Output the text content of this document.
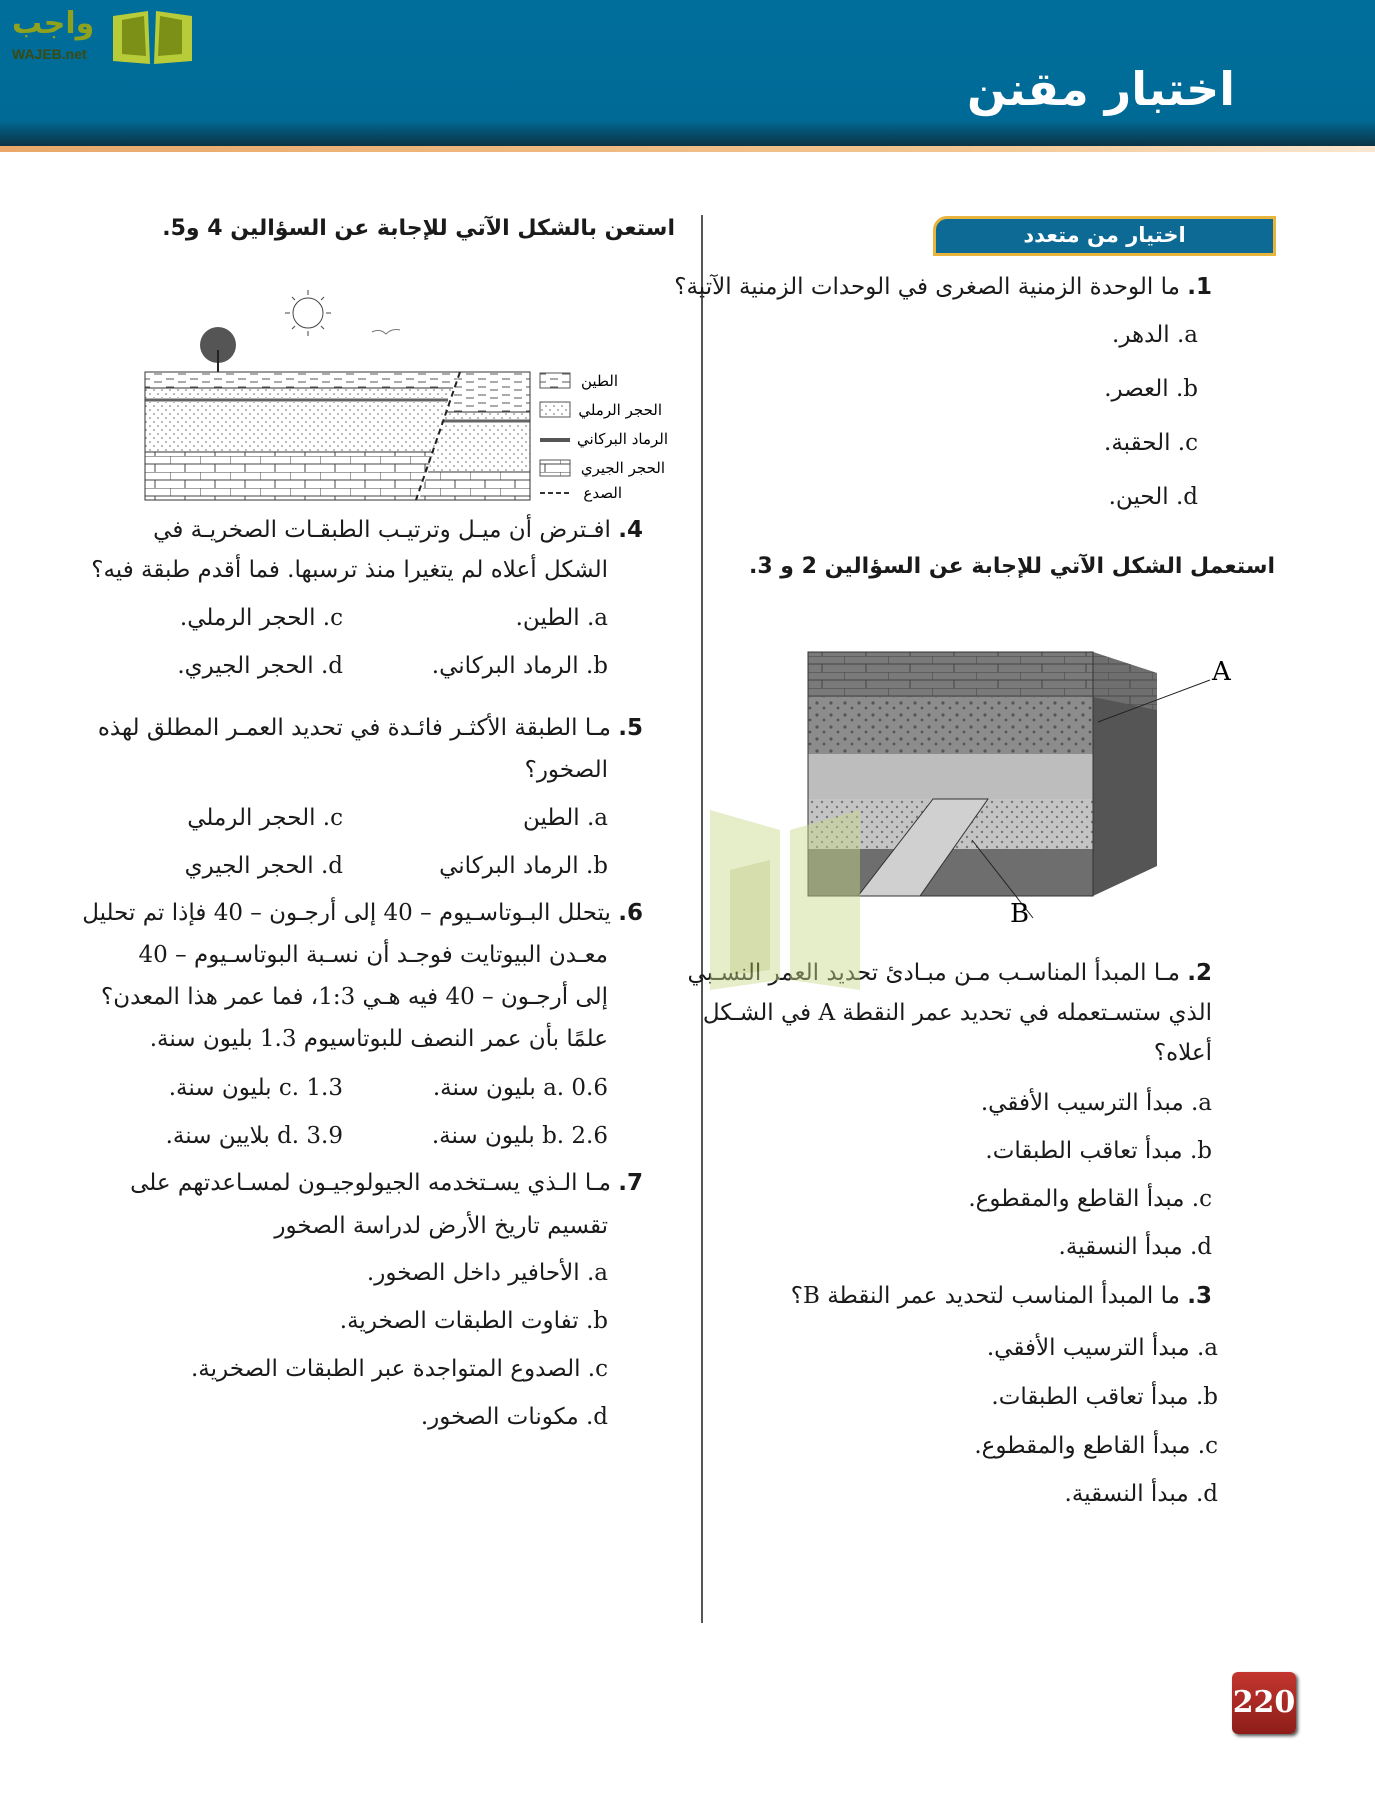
واجب
WAJEB.net
اختبار مقنن
اختيار من متعدد
1. ما الوحدة الزمنية الصغرى في الوحدات الزمنية الآتية؟
a. الدهر.
b. العصر.
c. الحقبة.
d. الحين.
استعمل الشكل الآتي للإجابة عن السؤالين 2 و 3.
A
B
2. مـا المبدأ المناسـب مـن مبـادئ تحديد العمر النسـبي
الذي ستسـتعمله في تحديد عمر النقطة A في الشـكل
أعلاه؟
a. مبدأ الترسيب الأفقي.
b. مبدأ تعاقب الطبقات.
c. مبدأ القاطع والمقطوع.
d. مبدأ النسقية.
3. ما المبدأ المناسب لتحديد عمر النقطة B؟
a. مبدأ الترسيب الأفقي.
b. مبدأ تعاقب الطبقات.
c. مبدأ القاطع والمقطوع.
d. مبدأ النسقية.
استعن بالشكل الآتي للإجابة عن السؤالين 4 و5.
الطين
الحجر الرملي
الرماد البركاني
الحجر الجيري
الصدع
4. افـترض أن ميـل وترتيـب الطبقـات الصخريـة في
الشكل أعلاه لم يتغيرا منذ ترسبها. فما أقدم طبقة فيه؟
a. الطين.
c. الحجر الرملي.
b. الرماد البركاني.
d. الحجر الجيري.
5. مـا الطبقة الأكثـر فائـدة في تحديد العمـر المطلق لهذه
الصخور؟
a. الطين
c. الحجر الرملي
b. الرماد البركاني
d. الحجر الجيري
6. يتحلل البـوتاسـيوم – 40 إلى أرجـون – 40 فإذا تم تحليل
معـدن البيوتايت فوجـد أن نسـبة البوتاسـيوم – 40
إلى أرجـون – 40 فيه هـي 1:3، فما عمر هذا المعدن؟
علمًا بأن عمر النصف للبوتاسيوم 1.3 بليون سنة.
a. 0.6 بليون سنة.
c. 1.3 بليون سنة.
b. 2.6 بليون سنة.
d. 3.9 بلايين سنة.
7. مـا الـذي يسـتخدمه الجيولوجيـون لمسـاعدتهم على
تقسيم تاريخ الأرض لدراسة الصخور
a. الأحافير داخل الصخور.
b. تفاوت الطبقات الصخرية.
c. الصدوع المتواجدة عبر الطبقات الصخرية.
d. مكونات الصخور.
220
